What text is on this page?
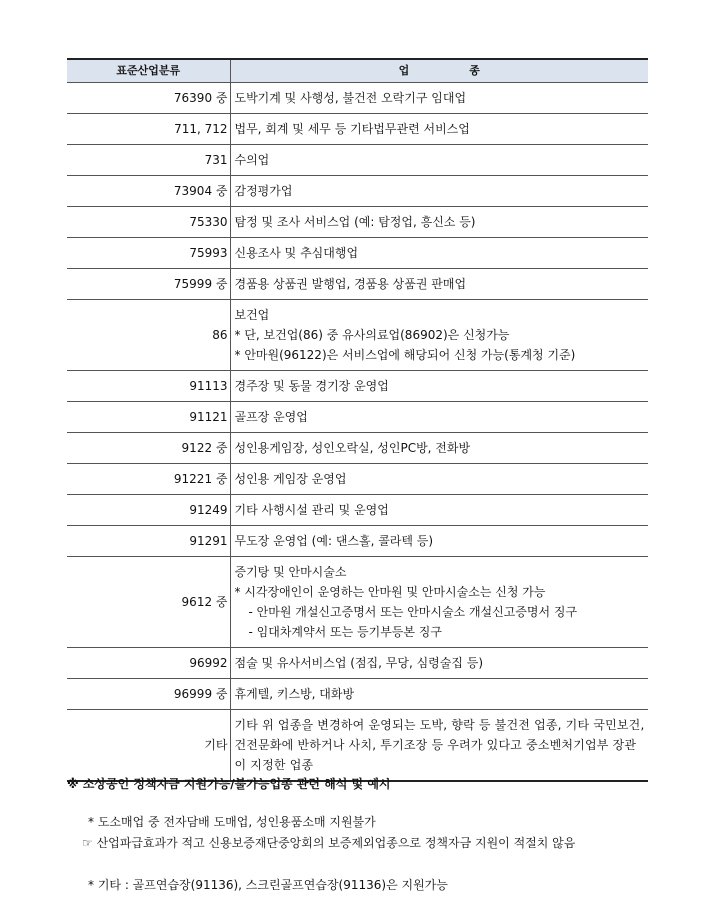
표준산업분류	업 종
76390 중	도박기계 및 사행성, 불건전 오락기구 임대업

711, 712	법무, 회계 및 세무 등 기타법무관련 서비스업

731	수의업

73904 중	감정평가업

75330	탐정 및 조사 서비스업 (예: 탐정업, 흥신소 등)

75993	신용조사 및 추심대행업

75999 중	경품용 상품권 발행업, 경품용 상품권 판매업

86	보건업
* 단, 보건업(86) 중 유사의료업(86902)은 신청가능
* 안마원(96122)은 서비스업에 해당되어 신청 가능(통계청 기준)

91113	경주장 및 동물 경기장 운영업

91121	골프장 운영업

9122 중	성인용게임장, 성인오락실, 성인PC방, 전화방

91221 중	성인용 게임장 운영업

91249	기타 사행시설 관리 및 운영업

91291	무도장 운영업 (예: 댄스홀, 콜라텍 등)

9612 중	증기탕 및 안마시술소
* 시각장애인이 운영하는 안마원 및 안마시술소는 신청 가능
- 안마원 개설신고증명서 또는 안마시술소 개설신고증명서 징구
- 임대차계약서 또는 등기부등본 징구

96992	점술 및 유사서비스업 (점집, 무당, 심령술집 등)

96999 중	휴게텔, 키스방, 대화방

기타	기타 위 업종을 변경하여 운영되는 도박, 향락 등 불건전 업종, 기타 국민보건, 건전문화에 반하거나 사치, 투기조장 등 우려가 있다고 중소벤처기업부 장관이 지정한 업종
※ 소상공인 정책자금 지원가능/불가능업종 관련 해석 및 예시
* 도소매업 중 전자담배 도매업, 성인용품소매 지원불가
☞ 산업파급효과가 적고 신용보증재단중앙회의 보증제외업종으로 정책자금 지원이 적절치 않음
* 기타 : 골프연습장(91136), 스크린골프연습장(91136)은 지원가능
